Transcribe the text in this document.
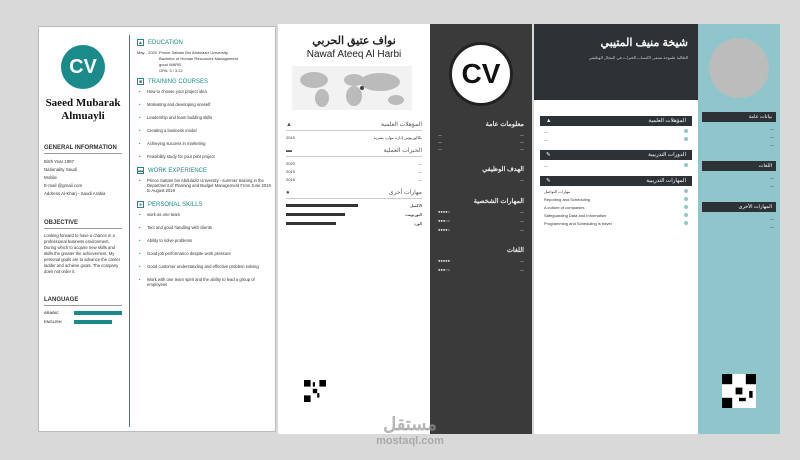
CV
Saeed Mubarak
Almuayli
GENERAL INFORMATION
Birth Year 1997
Nationality Saudi
Mobile
E-mail @gmail.com
Address Al-Kharj - Saudi Arabia
OBJECTIVE
Looking forward to have a chance in a professional business environment. During which to acquire new skills and skills.the greater the achievement. My personal goals are to advance the career ladder and achieve goals. The company does not order it.
LANGUAGE
ARABIC
ENGLISH
▲ EDUCATION
May - 2020 Prince Sattam Bin Abdulaziz University
Bachelor of Human Resources Management
good WARB
GPA: 3 / 3.22
■ TRAINING COURSES
• How to choose your project idea
• Motivating and developing oneself
• Leadership and team building skills
• Creating a business model
• Achieving success in marketing
• Feasibility study for your pilot project
▬ WORK EXPERIENCE
• Prince Sattam bin Abdulaziz University - summer training in the Department of Planning and Budget Management From June 2019 to August 2019
● PERSONAL SKILLS
• work as one team
• Tact and good handling with clients
• Ability to solve problems
• Good job performance despite work pressure
• Good customer understanding and effective problem solving
• Work with one team spirit and the ability to lead a group of employees
نواف عتيق الحربي
Nawaf Ateeq Al Harbi
▲	المؤهلات العلمية
2019	بكالوريوس إدارة موارد بشرية
▬	الخبرات العملية
2020	—
2019	—
2018	—
●	مهارات أخرى
الاكسل
البوربوينت
الورد
CV
معلومات عامة
—	—
—	—
—	—
الهدف الوظيفي
—
المهارات الشخصية
●●●●○	—
●●●○○	—
●●●●○	—
اللغات
●●●●●	—
●●●○○	—
شيخة منيف المتيبي
الطالبة طموحة تسعى لاكتساب الخبرات في المجال الوظيفي
بيانات عامة
—
—
—
اللغات
—
—
المهارات الأخرى
—
—
▲	المؤهلات العلمية
—
—
✎	الدورات التدريبية
—
✎	المهارات التدريبية
مهارات التواصل
Reporting and Scheduling
A culture of companies
Safeguarding Data and Information
Programming and Scheduling is travel
مستقل
mostaql.com
